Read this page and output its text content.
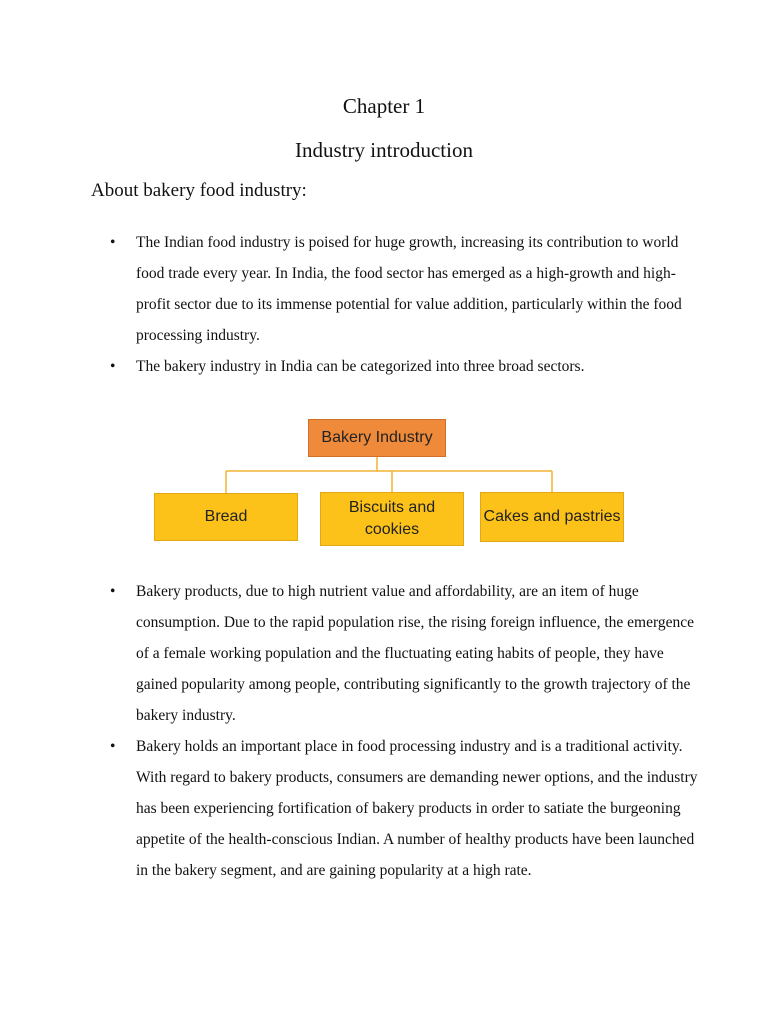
Chapter 1
Industry introduction
About bakery food industry:
• The Indian food industry is poised for huge growth, increasing its contribution to world food trade every year. In India, the food sector has emerged as a high-growth and high-profit sector due to its immense potential for value addition, particularly within the food processing industry.
• The bakery industry in India can be categorized into three broad sectors.
Bakery Industry
Bread
Biscuits and cookies
Cakes and pastries
• Bakery products, due to high nutrient value and affordability, are an item of huge consumption. Due to the rapid population rise, the rising foreign influence, the emergence of a female working population and the fluctuating eating habits of people, they have gained popularity among people, contributing significantly to the growth trajectory of the bakery industry.
• Bakery holds an important place in food processing industry and is a traditional activity. With regard to bakery products, consumers are demanding newer options, and the industry has been experiencing fortification of bakery products in order to satiate the burgeoning appetite of the health-conscious Indian. A number of healthy products have been launched in the bakery segment, and are gaining popularity at a high rate.
